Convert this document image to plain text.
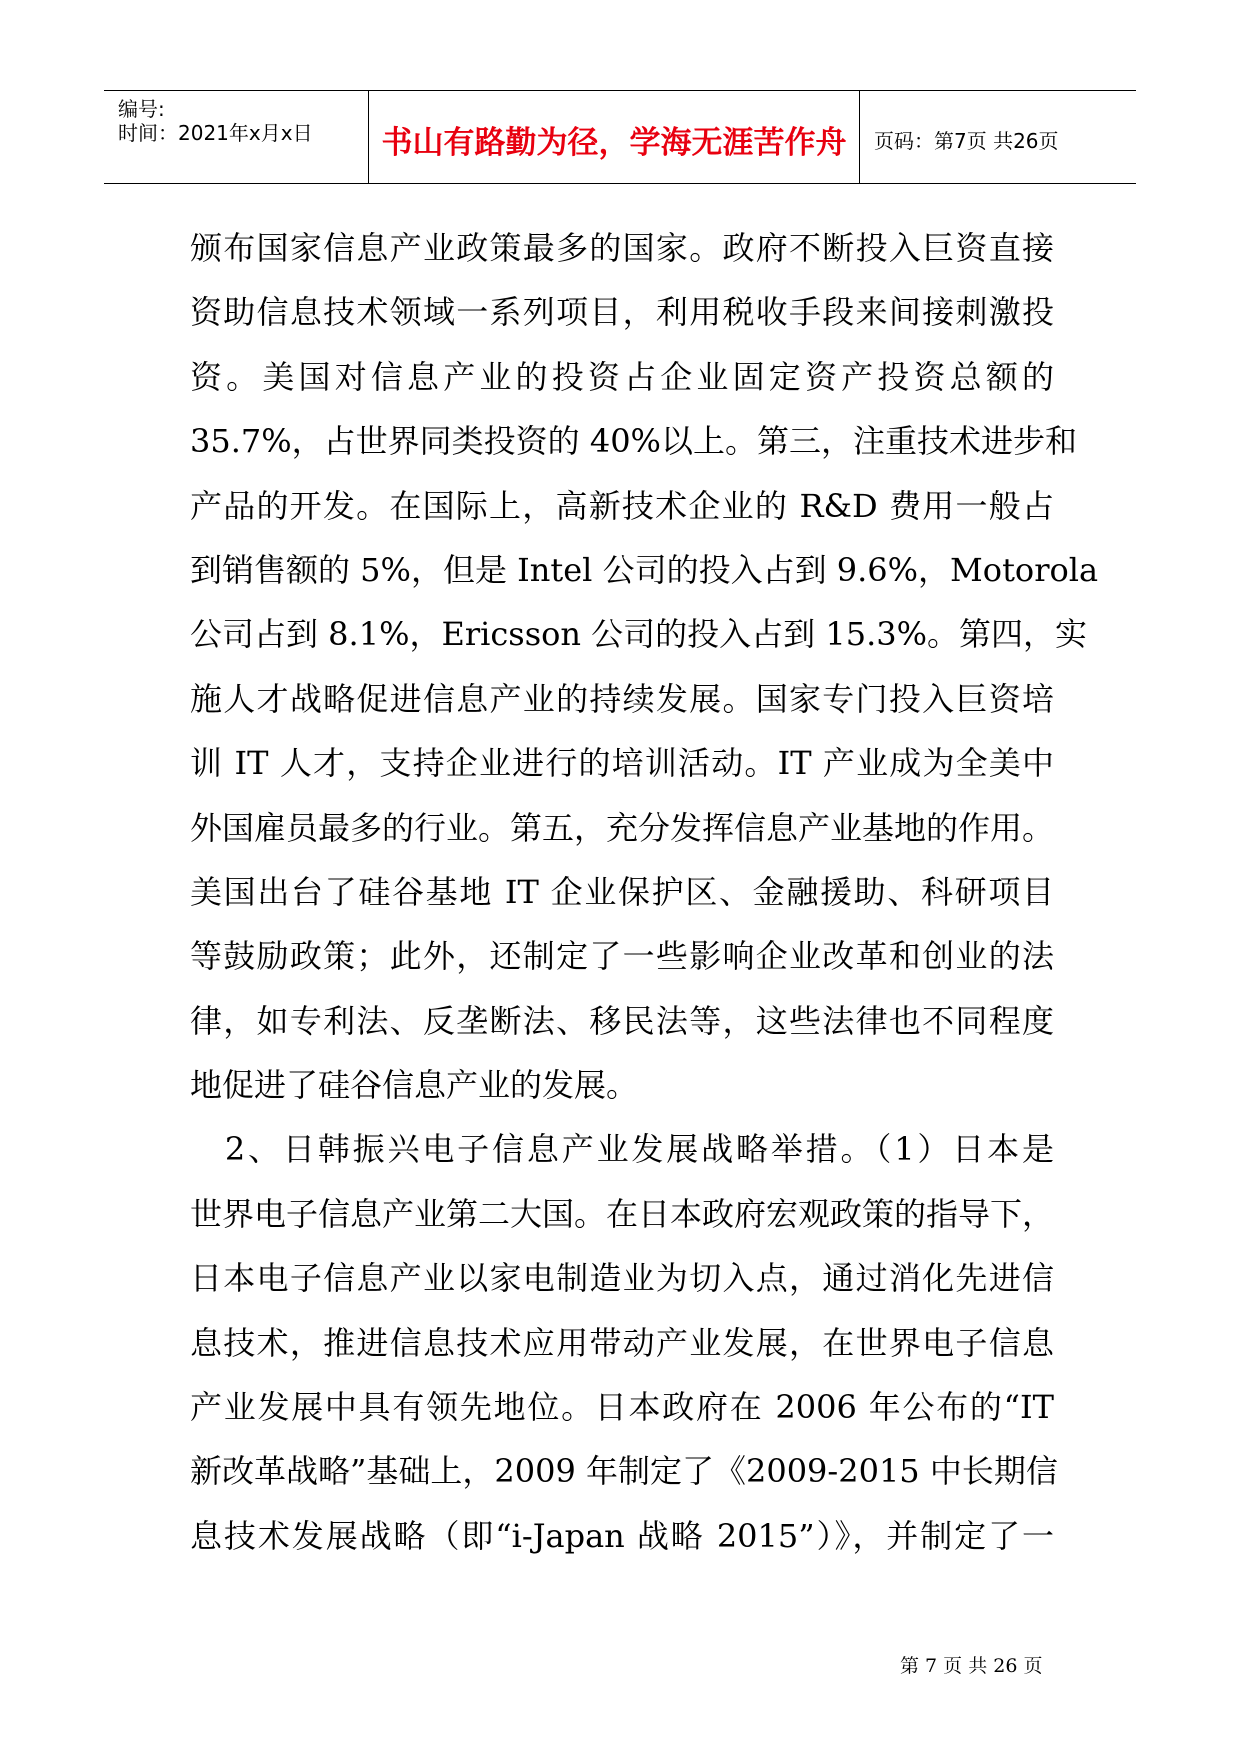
编号:
时间：2021年x月x日	书山有路勤为径，学海无涯苦作舟	页码：第7页 共26页
颁布国家信息产业政策最多的国家。政府不断投入巨资直接
资助信息技术领域一系列项目，利用税收手段来间接刺激投
资。美国对信息产业的投资占企业固定资产投资总额的
35.7%，占世界同类投资的 40%以上。第三，注重技术进步和
产品的开发。在国际上，高新技术企业的 R&D 费用一般占
到销售额的 5%，但是 Intel 公司的投入占到 9.6%，Motorola
公司占到 8.1%，Ericsson 公司的投入占到 15.3%。第四，实
施人才战略促进信息产业的持续发展。国家专门投入巨资培
训 IT 人才，支持企业进行的培训活动。IT 产业成为全美中
外国雇员最多的行业。第五，充分发挥信息产业基地的作用。
美国出台了硅谷基地 IT 企业保护区、金融援助、科研项目
等鼓励政策；此外，还制定了一些影响企业改革和创业的法
律，如专利法、反垄断法、移民法等，这些法律也不同程度
地促进了硅谷信息产业的发展。
　2、日韩振兴电子信息产业发展战略举措。（1）日本是
世界电子信息产业第二大国。在日本政府宏观政策的指导下，
日本电子信息产业以家电制造业为切入点，通过消化先进信
息技术，推进信息技术应用带动产业发展，在世界电子信息
产业发展中具有领先地位。日本政府在 2006 年公布的“IT
新改革战略”基础上，2009 年制定了《2009-2015 中长期信
息技术发展战略（即“i-Japan 战略 2015”）》，并制定了一
第 7 页 共 26 页
